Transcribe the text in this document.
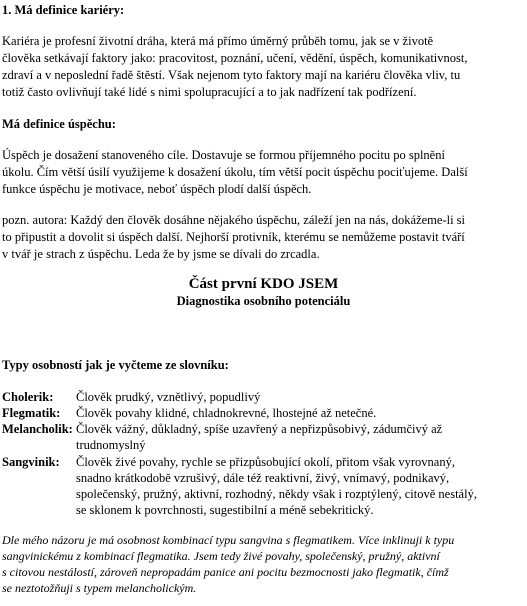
1. Má definice kariéry:
Kariéra je profesní životní dráha, která má přímo úměrný průběh tomu, jak se v životě
člověka setkávají faktory jako: pracovitost, poznání, učení, vědění, úspěch, komunikativnost,
zdraví a v neposlední řadě štěstí. Však nejenom tyto faktory mají na kariéru člověka vliv, tu
totiž často ovlivňují také lidé s nimi spolupracující a to jak nadřízení tak podřízení.
Má definice úspěchu:
Úspěch je dosažení stanoveného cíle. Dostavuje se formou příjemného pocitu po splnění
úkolu. Čím větší úsilí využijeme k dosažení úkolu, tím větší pocit úspěchu pociťujeme. Další
funkce úspěchu je motivace, neboť úspěch plodí další úspěch.
pozn. autora: Každý den člověk dosáhne nějakého úspěchu, záleží jen na nás, dokážeme-li si
to připustit a dovolit si úspěch další. Nejhorší protivník, kterému se nemůžeme postavit tváří
v tvář je strach z úspěchu. Leda že by jsme se dívali do zrcadla.
Část první KDO JSEM
Diagnostika osobního potenciálu
Typy osobností jak je vyčteme ze slovníku:
Cholerik: Člověk prudký, vznětlivý, popudlivý
Flegmatik: Člověk povahy klidné, chladnokrevné, lhostejné až netečné.
Melancholik: Člověk vážný, důkladný, spíše uzavřený a nepřizpůsobivý, zádumčivý až
trudnomyslný
Sangvinik: Člověk živé povahy, rychle se přizpůsobující okolí, přitom však vyrovnaný,
snadno krátkodobě vzrušivý, dále též reaktivní, živý, vnímavý, podnikavý,
společenský, pružný, aktivní, rozhodný, někdy však i rozptýlený, citově nestálý,
se sklonem k povrchnosti, sugestibilní a méně sebekritický.
Dle mého názoru je má osobnost kombinací typu sangvina s flegmatikem. Více inklinuji k typu
sangvinickému z kombinací flegmatika. Jsem tedy živé povahy, společenský, pružný, aktivní
s citovou nestálostí, zároveň nepropadám panice ani pocitu bezmocnosti jako flegmatik, čímž
se neztotožňuji s typem melancholickým.
